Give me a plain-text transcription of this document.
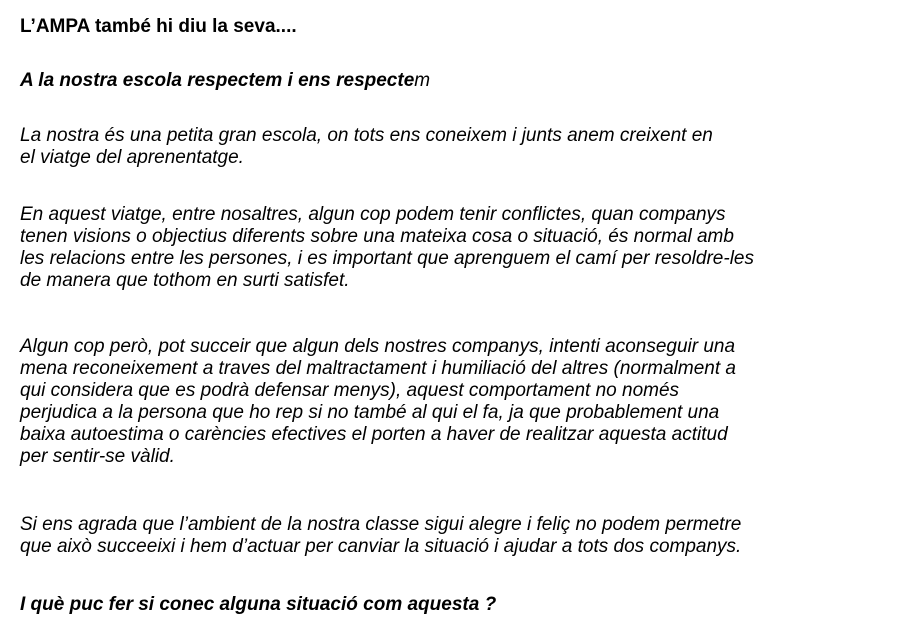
L’AMPA també hi diu la seva....

A la nostra escola respectem i ens respectem

La nostra és una petita gran escola, on tots ens coneixem i junts anem creixent en
el viatge del aprenentatge.
En aquest viatge, entre nosaltres, algun cop podem tenir conflictes, quan companys
tenen visions o objectius diferents sobre una mateixa cosa o situació, és normal amb
les relacions entre les persones, i es important que aprenguem el camí per resoldre-les
de manera que tothom en surti satisfet.
Algun cop però, pot succeir que algun dels nostres companys, intenti aconseguir una
mena reconeixement a traves del maltractament i humiliació del altres (normalment a
qui considera que es podrà defensar menys), aquest comportament no només
perjudica a la persona que ho rep si no també al qui el fa, ja que probablement una
baixa autoestima o carències efectives el porten a haver de realitzar aquesta actitud
per sentir-se vàlid.
Si ens agrada que l’ambient de la nostra classe sigui alegre i feliç no podem permetre
que això succeeixi i hem d’actuar per canviar la situació i ajudar a tots dos companys.

I què puc fer si conec alguna situació com aquesta ?
